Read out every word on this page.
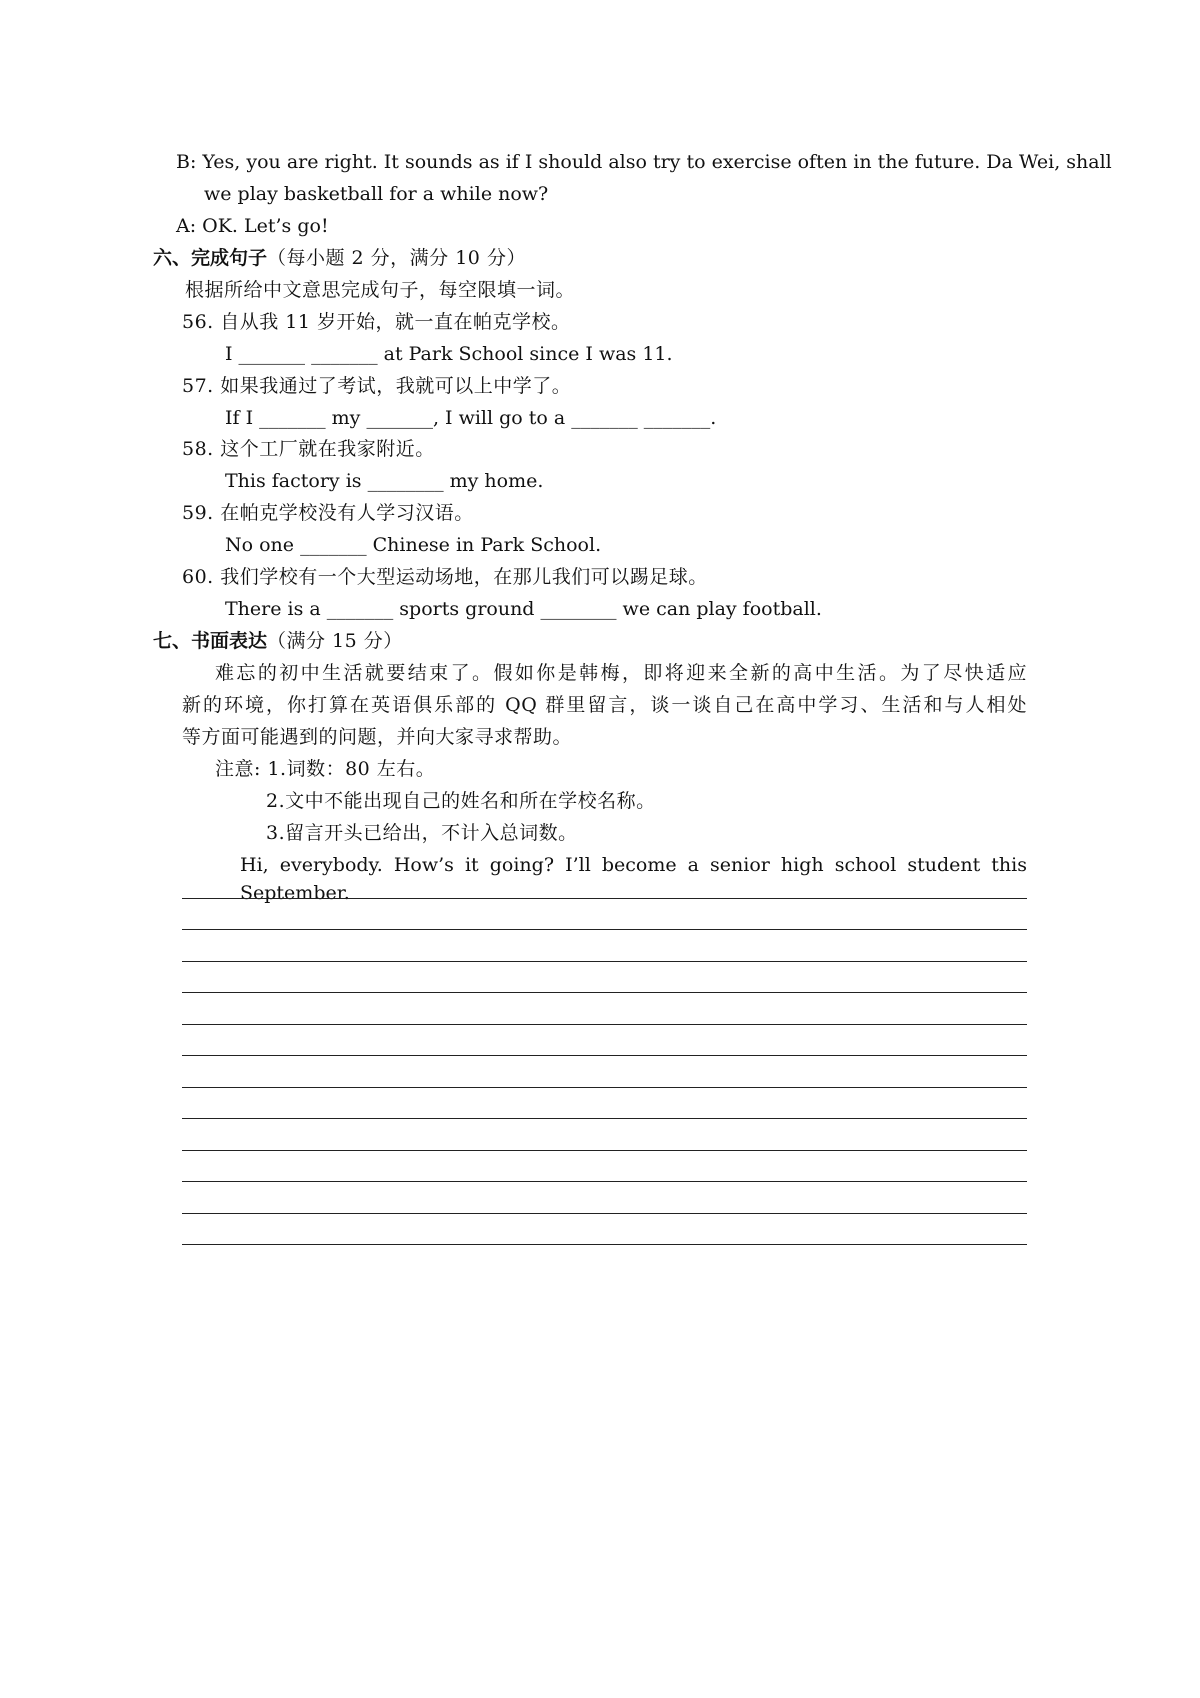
B: Yes, you are right. It sounds as if I should also try to exercise often in the future. Da Wei, shall
we play basketball for a while now?
A: OK. Let’s go!
六、完成句子（每小题 2 分，满分 10 分）
根据所给中文意思完成句子，每空限填一词。
56. 自从我 11 岁开始，就一直在帕克学校。
I _______ _______ at Park School since I was 11.
57. 如果我通过了考试，我就可以上中学了。
If I _______ my _______, I will go to a _______ _______.
58. 这个工厂就在我家附近。
This factory is ________ my home.
59. 在帕克学校没有人学习汉语。
No one _______ Chinese in Park School.
60. 我们学校有一个大型运动场地，在那儿我们可以踢足球。
There is a _______ sports ground ________ we can play football.
七、书面表达（满分 15 分）
难忘的初中生活就要结束了。假如你是韩梅，即将迎来全新的高中生活。为了尽快适应
新的环境，你打算在英语俱乐部的 QQ 群里留言，谈一谈自己在高中学习、生活和与人相处
等方面可能遇到的问题，并向大家寻求帮助。
注意: 1.词数：80 左右。
2.文中不能出现自己的姓名和所在学校名称。
3.留言开头已给出，不计入总词数。
Hi, everybody. How’s it going? I’ll become a senior high school student this September.
